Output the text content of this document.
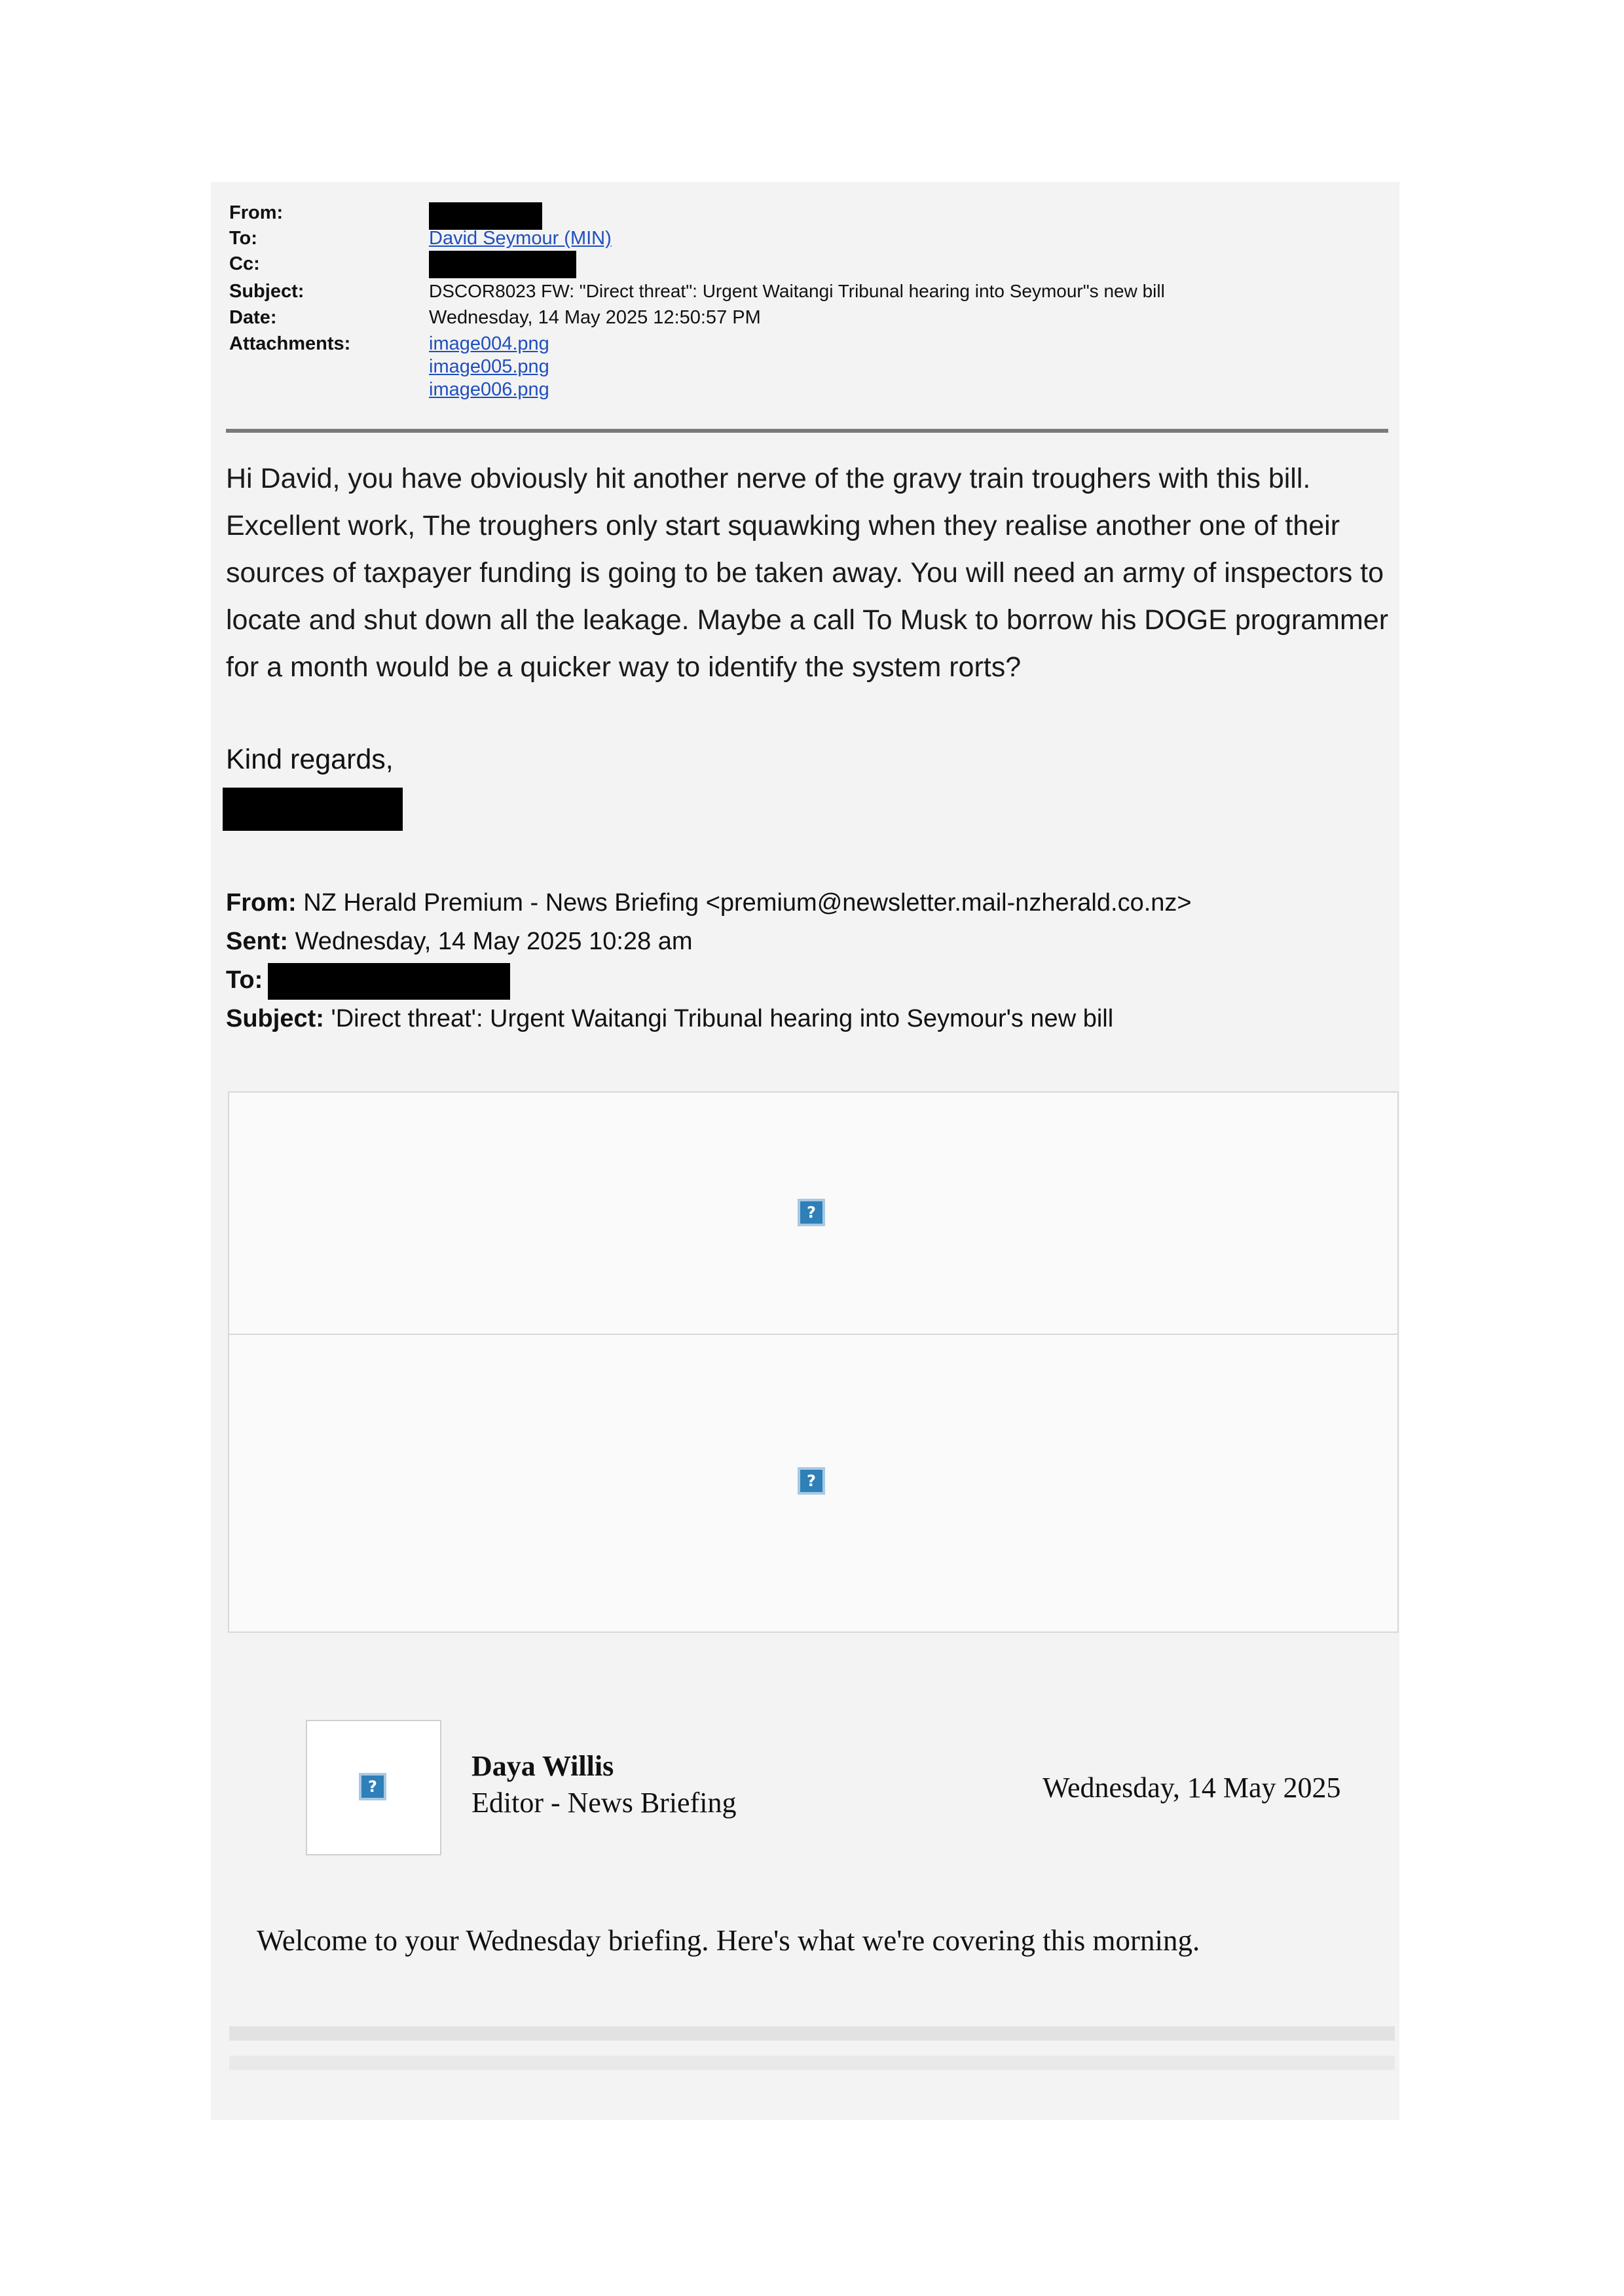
From:
To:	David Seymour (MIN)
Cc:
Subject:	DSCOR8023 FW: "Direct threat": Urgent Waitangi Tribunal hearing into Seymour"s new bill
Date:	Wednesday, 14 May 2025 12:50:57 PM
Attachments:	image004.png
image005.png
image006.png

Hi David, you have obviously hit another nerve of the gravy train troughers with this bill. Excellent work, The troughers only start squawking when they realise another one of their sources of taxpayer funding is going to be taken away. You will need an army of inspectors to locate and shut down all the leakage. Maybe a call To Musk to borrow his DOGE programmer for a month would be a quicker way to identify the system rorts?

Kind regards,
From: NZ Herald Premium - News Briefing <premium@newsletter.mail-nzherald.co.nz>
Sent: Wednesday, 14 May 2025 10:28 am
To:
Subject: 'Direct threat': Urgent Waitangi Tribunal hearing into Seymour's new bill
?
?
?
Daya Willis
Editor - News Briefing	Wednesday, 14 May 2025
Welcome to your Wednesday briefing. Here's what we're covering this morning.
